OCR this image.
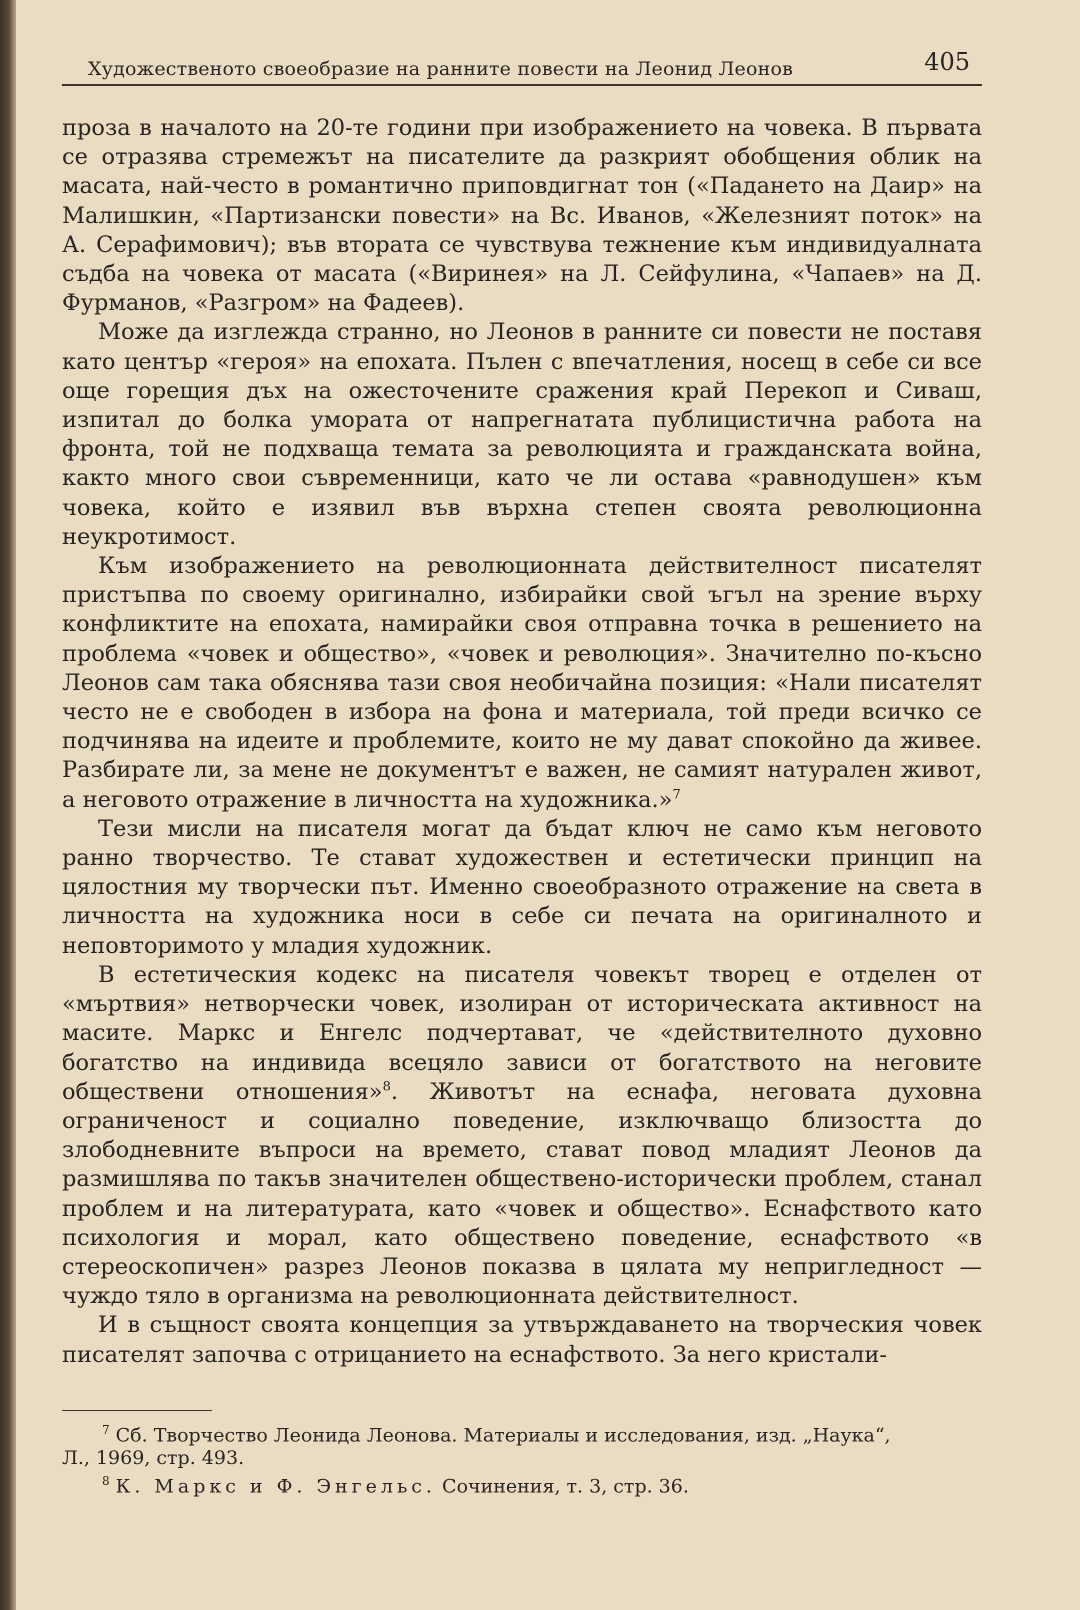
Художественото своеобразие на ранните повести на Леонид Леонов	405

проза в началото на 20-те години при изображението на човека. В първата се отразява стремежът на писателите да разкрият обобщения облик на масата, най-често в романтично приповдигнат тон («Падането на Даир» на Малишкин, «Партизански повести» на Вс. Иванов, «Железният поток» на А. Серафимович); във втората се чувствува тежнение към индивидуалната съдба на човека от масата («Виринея» на Л. Сейфулина, «Чапаев» на Д. Фурманов, «Разгром» на Фадеев).

Може да изглежда странно, но Леонов в ранните си повести не поставя като център «героя» на епохата. Пълен с впечатления, носещ в себе си все още горещия дъх на ожесточените сражения край Перекоп и Сиваш, изпитал до болка умората от напрегнатата публицистична работа на фронта, той не подхваща темата за революцията и гражданската война, както много свои съвременници, като че ли остава «равнодушен» към човека, който е изявил във върхна степен своята революционна неукротимост.

Към изображението на революционната действителност писателят пристъпва по своему оригинално, избирайки свой ъгъл на зрение върху конфликтите на епохата, намирайки своя отправна точка в решението на проблема «човек и общество», «човек и революция». Значително по-късно Леонов сам така обяснява тази своя необичайна позиция: «Нали писателят често не е свободен в избора на фона и материала, той преди всичко се подчинява на идеите и проблемите, които не му дават спокойно да живее. Разбирате ли, за мене не документът е важен, не самият натурален живот, а неговото отражение в личността на художника.»$^7$

Тези мисли на писателя могат да бъдат ключ не само към неговото ранно творчество. Те стават художествен и естетически принцип на цялостния му творчески път. Именно своеобразното отражение на света в личността на художника носи в себе си печата на оригиналното и неповторимото у младия художник.

В естетическия кодекс на писателя човекът творец е отделен от «мъртвия» нетворчески човек, изолиран от историческата активност на масите. Маркс и Енгелс подчертават, че «действителното духовно богатство на индивида всецяло зависи от богатството на неговите обществени отношения»$^8$. Животът на еснафа, неговата духовна ограниченост и социално поведение, изключващо близостта до злободневните въпроси на времето, стават повод младият Леонов да размишлява по такъв значителен обществено-исторически проблем, станал проблем и на литературата, като «човек и общество». Еснафството като психология и морал, като обществено поведение, еснафството «в стереоскопичен» разрез Леонов показва в цялата му непригледност — чуждо тяло в организма на революционната действителност.

И в същност своята концепция за утвърждаването на творческия човек писателят започва с отрицанието на еснафството. За него кристали-

$^7$ Сб. Творчество Леонида Леонова. Материалы и исследования, изд. „Наука“,

Л., 1969, стр. 493.

$^8$ К. Маркс и Ф. Энгельс. Сочинения, т. 3, стр. 36.
